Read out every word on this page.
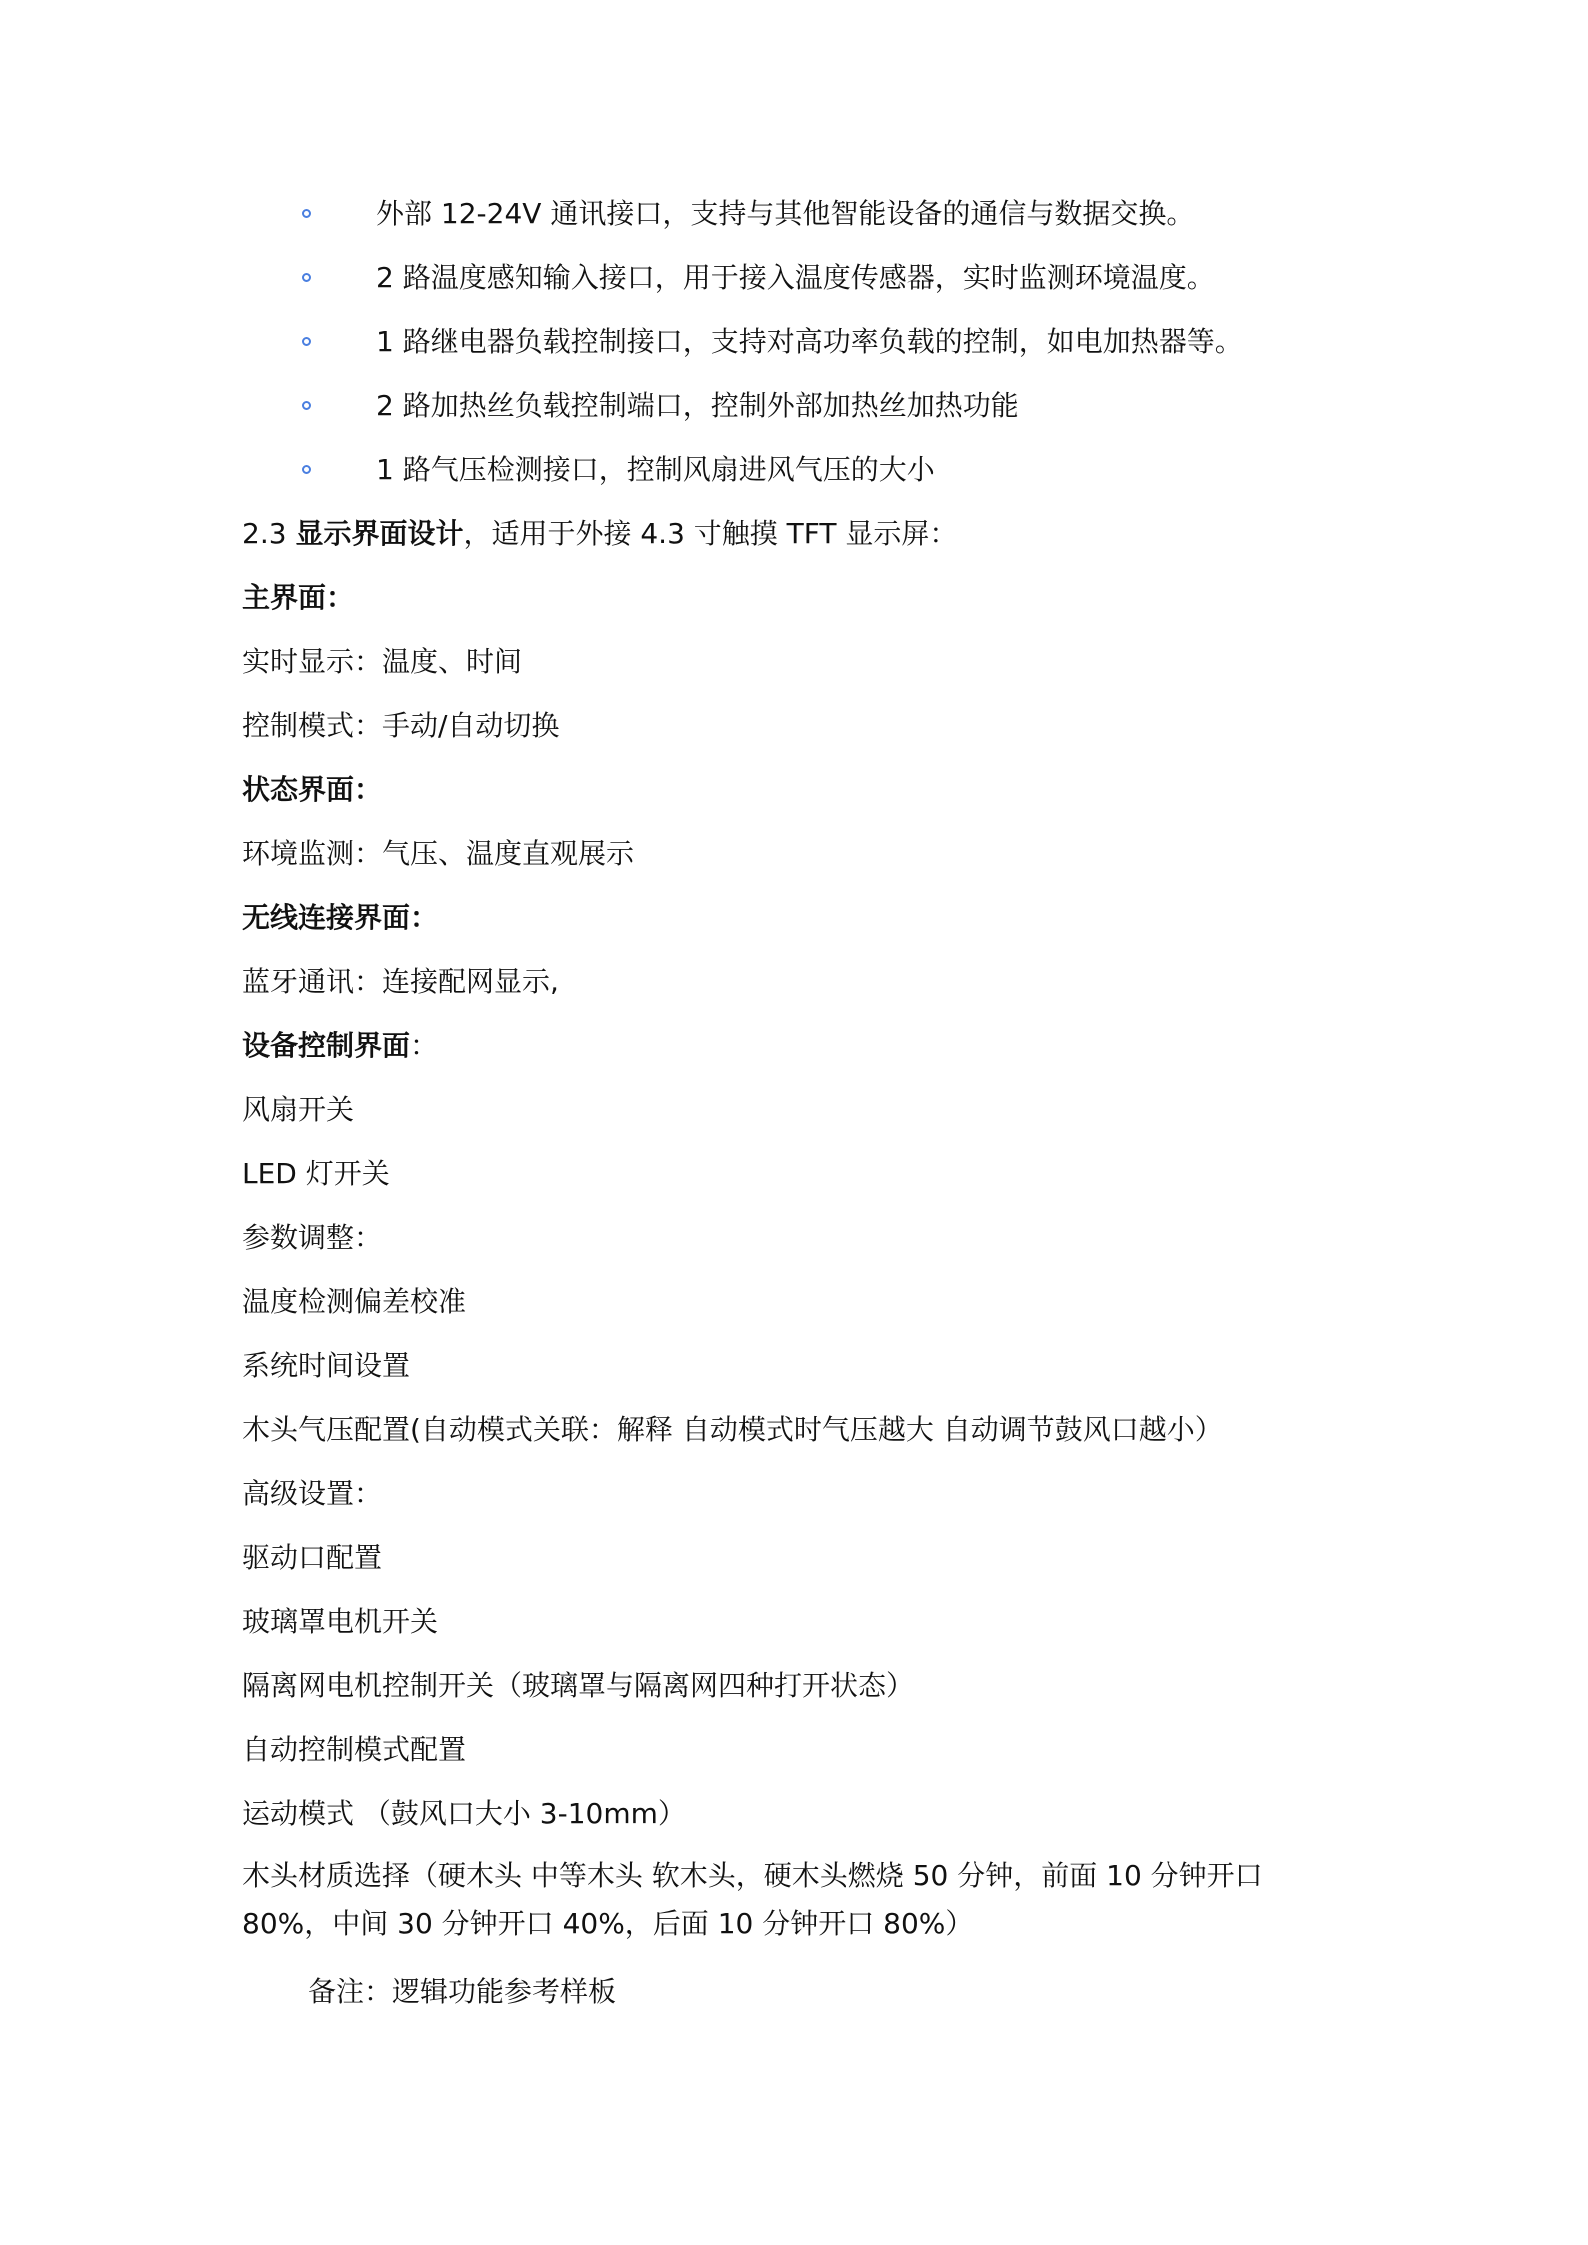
外部 12-24V 通讯接口，支持与其他智能设备的通信与数据交换。
2 路温度感知输入接口，用于接入温度传感器，实时监测环境温度。
1 路继电器负载控制接口，支持对高功率负载的控制，如电加热器等。
2 路加热丝负载控制端口，控制外部加热丝加热功能
1 路气压检测接口，控制风扇进风气压的大小
2.3 显示界面设计，适用于外接 4.3 寸触摸 TFT 显示屏：
主界面：
实时显示：温度、时间
控制模式：手动/自动切换
状态界面：
环境监测：气压、温度直观展示
无线连接界面：
蓝牙通讯：连接配网显示,
设备控制界面：
风扇开关
LED 灯开关
参数调整：
温度检测偏差校准
系统时间设置
木头气压配置(自动模式关联：解释 自动模式时气压越大 自动调节鼓风口越小）
高级设置：
驱动口配置
玻璃罩电机开关
隔离网电机控制开关（玻璃罩与隔离网四种打开状态）
自动控制模式配置
运动模式 （鼓风口大小 3-10mm）
木头材质选择（硬木头 中等木头 软木头，硬木头燃烧 50 分钟，前面 10 分钟开口
80%，中间 30 分钟开口 40%，后面 10 分钟开口 80%）
备注：逻辑功能参考样板
